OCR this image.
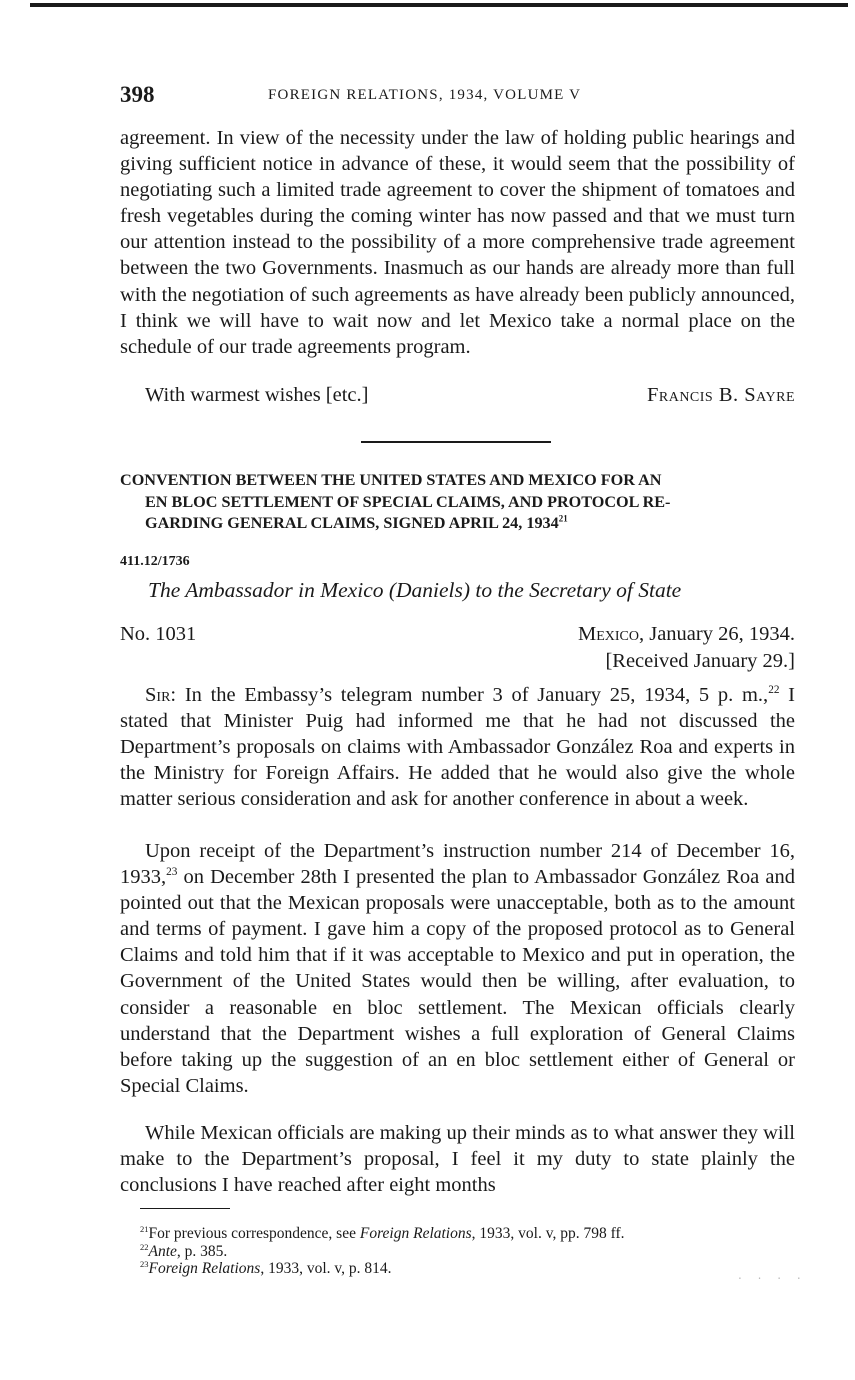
398	FOREIGN RELATIONS, 1934, VOLUME V

agreement. In view of the necessity under the law of holding public hearings and giving sufficient notice in advance of these, it would seem that the possibility of negotiating such a limited trade agreement to cover the shipment of tomatoes and fresh vegetables during the coming winter has now passed and that we must turn our attention instead to the possibility of a more comprehensive trade agreement between the two Governments. Inasmuch as our hands are already more than full with the negotiation of such agreements as have already been publicly announced, I think we will have to wait now and let Mexico take a normal place on the schedule of our trade agreements program.

With warmest wishes [etc.]	Francis B. Sayre
CONVENTION BETWEEN THE UNITED STATES AND MEXICO FOR AN
EN BLOC SETTLEMENT OF SPECIAL CLAIMS, AND PROTOCOL RE-
GARDING GENERAL CLAIMS, SIGNED APRIL 24, 1934$^{21}$
411.12/1736
The Ambassador in Mexico (Daniels) to the Secretary of State
No. 1031	Mexico, January 26, 1934.
[Received January 29.]

Sir: In the Embassy’s telegram number 3 of January 25, 1934, 5 p. m.,$^{22}$ I stated that Minister Puig had informed me that he had not discussed the Department’s proposals on claims with Ambassador González Roa and experts in the Ministry for Foreign Affairs. He added that he would also give the whole matter serious consideration and ask for another conference in about a week.

Upon receipt of the Department’s instruction number 214 of December 16, 1933,23 on December 28th I presented the plan to Ambassador González Roa and pointed out that the Mexican proposals were unacceptable, both as to the amount and terms of payment. I gave him a copy of the proposed protocol as to General Claims and told him that if it was acceptable to Mexico and put in operation, the Government of the United States would then be willing, after evaluation, to consider a reasonable en bloc settlement. The Mexican officials clearly understand that the Department wishes a full exploration of General Claims before taking up the suggestion of an en bloc settlement either of General or Special Claims.

While Mexican officials are making up their minds as to what answer they will make to the Department’s proposal, I feel it my duty to state plainly the conclusions I have reached after eight months

$^{21}$For previous correspondence, see Foreign Relations, 1933, vol. v, pp. 798 ff.
$^{22}$Ante, p. 385.
$^{23}$Foreign Relations, 1933, vol. v, p. 814.	. . . .
